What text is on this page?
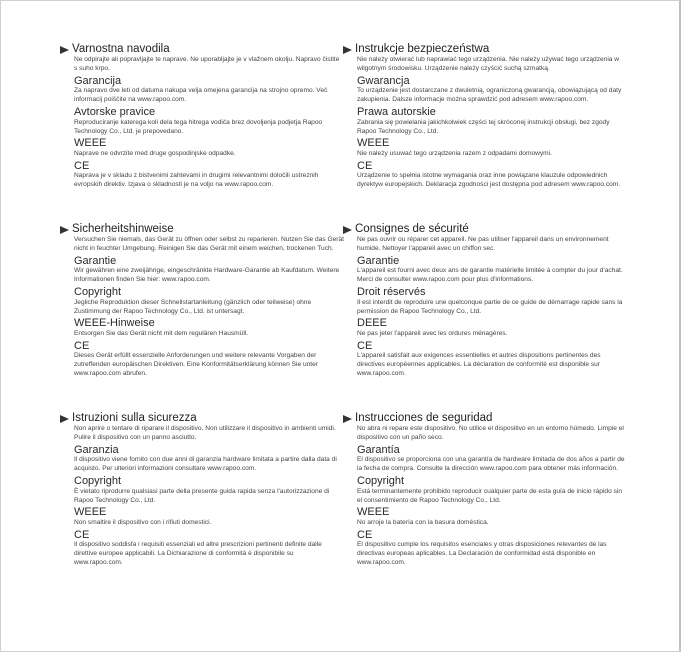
Varnostna navodila

Ne odpirajte ali popravljajte te naprave. Ne uporabljajte je v vlažnem okolju. Napravo čistite s suho krpo.

Garancija

Za napravo dve leti od datuma nakupa velja omejena garancija na strojno opremo. Več informacij poiščite na www.rapoo.com.

Avtorske pravice

Reproduciranje katerega koli dela tega hitrega vodiča brez dovoljenja podjetja Rapoo Technology Co., Ltd. je prepovedano.

WEEE

Naprave ne odvrzite med druge gospodinjske odpadke.

CE

Naprava je v skladu z bistvenimi zahtevami in drugimi relevantnimi določili ustreznih evropskih direktiv. Izjava o skladnosti je na voljo na www.rapoo.com.

Sicherheitshinweise

Versuchen Sie niemals, das Gerät zu öffnen oder selbst zu reparieren. Nutzen Sie das Gerät nicht in feuchter Umgebung. Reinigen Sie das Gerät mit einem weichen, trockenen Tuch.

Garantie

Wir gewähren eine zweijährige, eingeschränkte Hardware-Garantie ab Kaufdatum. Weitere Informationen finden Sie hier: www.rapoo.com.

Copyright

Jegliche Reproduktion dieser Schnellstartanleitung (gänzlich oder teilweise) ohne Zustimmung der Rapoo Technology Co., Ltd. ist untersagt.

WEEE-Hinweise

Entsorgen Sie das Gerät nicht mit dem regulären Hausmüll.

CE

Dieses Gerät erfüllt essenzielle Anforderungen und weitere relevante Vorgaben der zutreffenden europäischen Direktiven. Eine Konformitätserklärung können Sie unter www.rapoo.com abrufen.

Istruzioni sulla sicurezza

Non aprire o tentare di riparare il dispositivo. Non utilizzare il dispositivo in ambienti umidi. Pulire il dispositivo con un panno asciutto.

Garanzia

Il dispositivo viene fornito con due anni di garanzia hardware limitata a partire dalla data di acquisto. Per ulteriori informazioni consultare www.rapoo.com.

Copyright

È vietato riprodurre qualsiasi parte della presente guida rapida senza l'autorizzazione di Rapoo Technology Co., Ltd.

WEEE

Non smaltire il dispositivo con i rifiuti domestici.

CE

Il dispositivo soddisfa i requisiti essenziali ed altre prescrizioni pertinenti definite dalle direttive europee applicabili. La Dichiarazione di conformità è disponibile su www.rapoo.com.

Instrukcje bezpieczeństwa

Nie należy otwierać lub naprawiać tego urządzenia. Nie należy używać tego urządzenia w wilgotnym środowisku. Urządzenie należy czyścić suchą szmatką.

Gwarancja

To urządzenie jest dostarczane z dwuletnią, ograniczoną gwarancją, obowiązującą od daty zakupienia. Dalsze informacje można sprawdzić pod adresem www.rapoo.com.

Prawa autorskie

Zabrania się powielania jakichkolwiek części tej skróconej instrukcji obsługi, bez zgody Rapoo Technology Co., Ltd.

WEEE

Nie należy usuwać tego urządzenia razem z odpadami domowymi.

CE

Urządzenie to spełnia istotne wymagania oraz inne powiązane klauzule odpowiednich dyrektyw europejskich. Deklaracja zgodności jest dostępna pod adresem www.rapoo.com.

Consignes de sécurité

Ne pas ouvrir ou réparer cet appareil. Ne pas utiliser l'appareil dans un environnement humide. Nettoyer l'appareil avec un chiffon sec.

Garantie

L'appareil est fourni avec deux ans de garantie matérielle limitée à compter du jour d'achat. Merci de consulter www.rapoo.com pour plus d'informations.

Droit réservés

Il est interdit de reproduire une quelconque partie de ce guide de démarrage rapide sans la permission de Rapoo Technology Co., Ltd.

DEEE

Ne pas jeter l'appareil avec les ordures ménagères.

CE

L'appareil satisfait aux exigences essentielles et autres dispositions pertinentes des directives européennes applicables. La déclaration de conformité est disponible sur www.rapoo.com.

Instrucciones de seguridad

No abra ni repare este dispositivo. No utilice el dispositivo en un entorno húmedo. Limpie el dispositivo con un paño seco.

Garantía

El dispositivo se proporciona con una garantía de hardware limitada de dos años a partir de la fecha de compra. Consulte la dirección www.rapoo.com para obtener más información.

Copyright

Está terminantemente prohibido reproducir cualquier parte de esta guía de inicio rápido sin el consentimiento de Rapoo Technology Co., Ltd.

WEEE

No arroje la batería con la basura doméstica.

CE

El dispositivo cumple los requisitos esenciales y otras disposiciones relevantes de las directivas europeas aplicables. La Declaración de conformidad está disponible en www.rapoo.com.
